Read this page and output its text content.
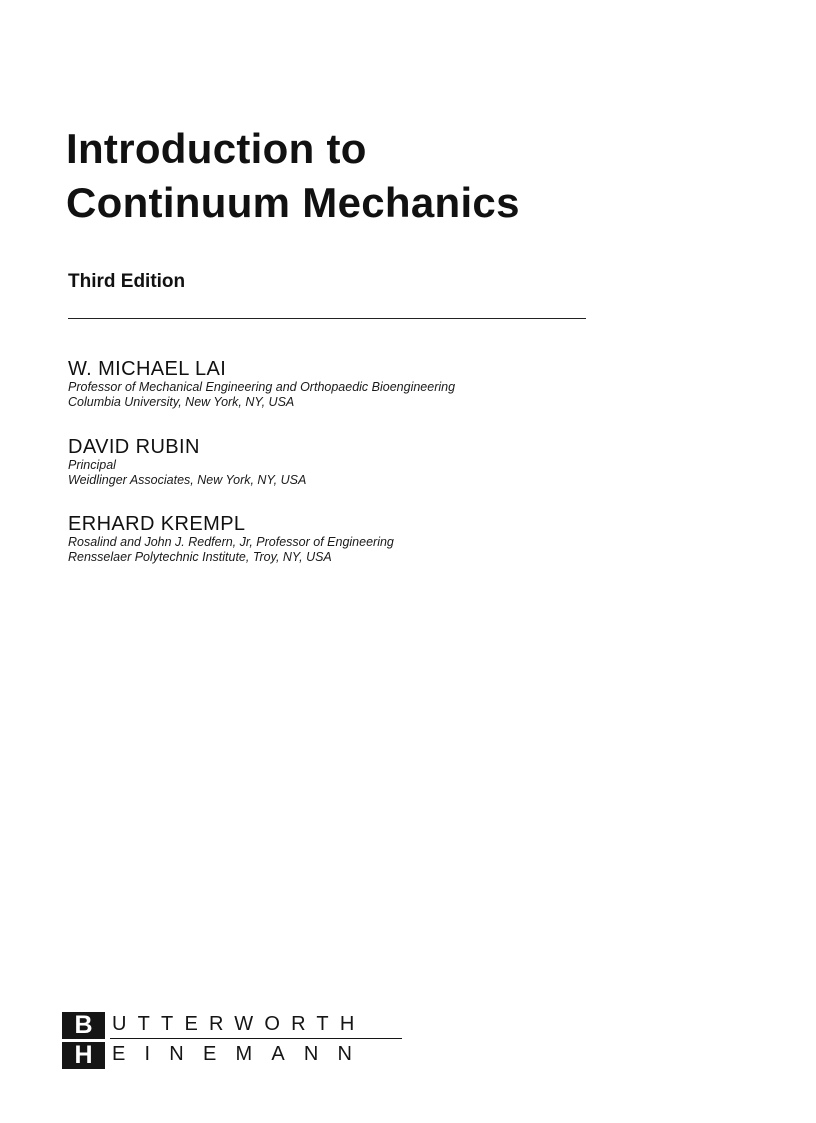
Introduction to
Continuum Mechanics
Third Edition
W. MICHAEL LAI
Professor of Mechanical Engineering and Orthopaedic Bioengineering
Columbia University, New York, NY, USA
DAVID RUBIN
Principal
Weidlinger Associates, New York, NY, USA
ERHARD KREMPL
Rosalind and John J. Redfern, Jr, Professor of Engineering
Rensselaer Polytechnic Institute, Troy, NY, USA
B
H
UTTERWORTH
EINEMANN
